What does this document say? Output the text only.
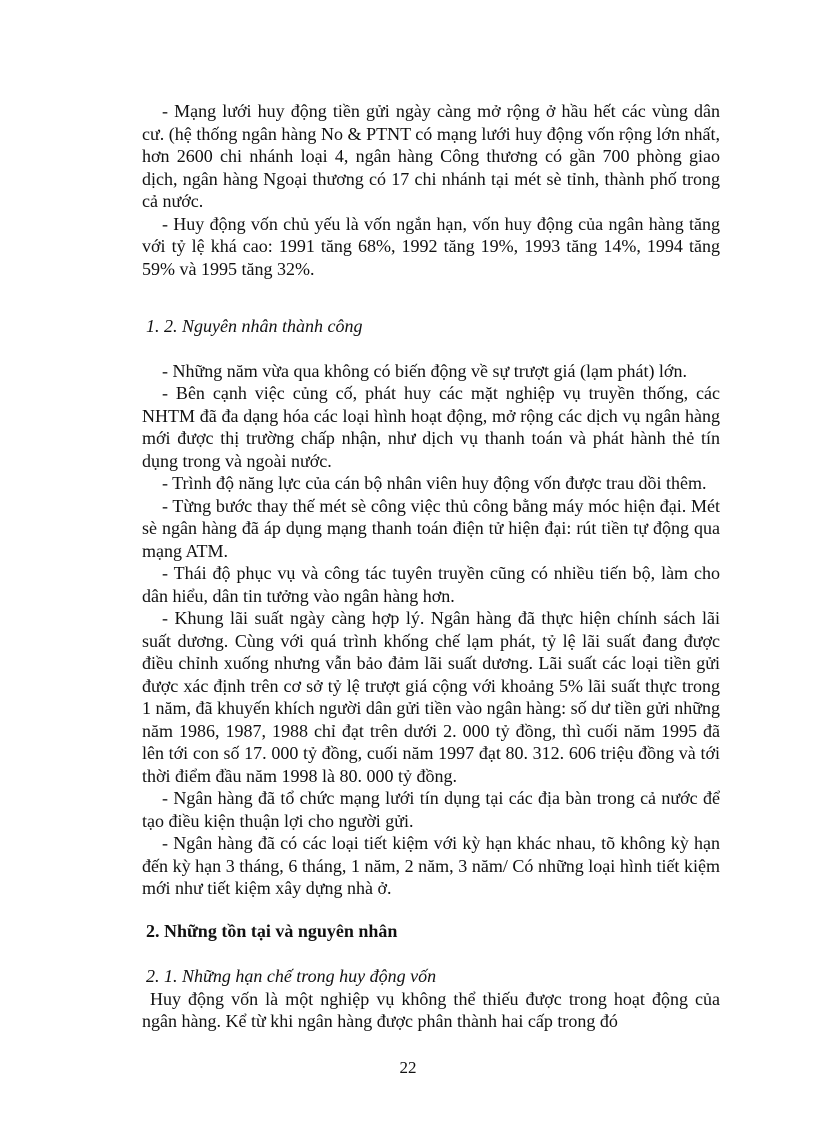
- Mạng lưới huy động tiền gửi ngày càng mở rộng ở hầu hết các vùng dân cư. (hệ thống ngân hàng No & PTNT có mạng lưới huy động vốn rộng lớn nhất, hơn 2600 chi nhánh loại 4, ngân hàng Công thương có gần 700 phòng giao dịch, ngân hàng Ngoại thương có 17 chi nhánh tại mét sè tỉnh, thành phố trong cả nước.

- Huy động vốn chủ yếu là vốn ngắn hạn, vốn huy động của ngân hàng tăng với tỷ lệ khá cao: 1991 tăng 68%, 1992 tăng 19%, 1993 tăng 14%, 1994 tăng 59% và 1995 tăng 32%.

1. 2. Nguyên nhân thành công

- Những năm vừa qua không có biến động về sự trượt giá (lạm phát) lớn.

- Bên cạnh việc củng cố, phát huy các mặt nghiệp vụ truyền thống, các NHTM đã đa dạng hóa các loại hình hoạt động, mở rộng các dịch vụ ngân hàng mới được thị trường chấp nhận, như dịch vụ thanh toán và phát hành thẻ tín dụng trong và ngoài nước.

- Trình độ năng lực của cán bộ nhân viên huy động vốn được trau dồi thêm.

- Từng bước thay thế mét sè công việc thủ công bằng máy móc hiện đại. Mét sè ngân hàng đã áp dụng mạng thanh toán điện tử hiện đại: rút tiền tự động qua mạng ATM.

- Thái độ phục vụ và công tác tuyên truyền cũng có nhiều tiến bộ, làm cho dân hiểu, dân tin tưởng vào ngân hàng hơn.

- Khung lãi suất ngày càng hợp lý. Ngân hàng đã thực hiện chính sách lãi suất dương. Cùng với quá trình khống chế lạm phát, tỷ lệ lãi suất đang được điều chỉnh xuống nhưng vẫn bảo đảm lãi suất dương. Lãi suất các loại tiền gửi được xác định trên cơ sở tỷ lệ trượt giá cộng với khoảng 5% lãi suất thực trong 1 năm, đã khuyến khích người dân gửi tiền vào ngân hàng: số dư tiền gửi những năm 1986, 1987, 1988 chỉ đạt trên dưới 2. 000 tỷ đồng, thì cuối năm 1995 đã lên tới con số 17. 000 tỷ đồng, cuối năm 1997 đạt 80. 312. 606 triệu đồng và tới thời điểm đầu năm 1998 là 80. 000 tỷ đồng.

- Ngân hàng đã tổ chức mạng lưới tín dụng tại các địa bàn trong cả nước để tạo điều kiện thuận lợi cho người gửi.

- Ngân hàng đã có các loại tiết kiệm với kỳ hạn khác nhau, tõ không kỳ hạn đến kỳ hạn 3 tháng, 6 tháng, 1 năm, 2 năm, 3 năm/ Có những loại hình tiết kiệm mới như tiết kiệm xây dựng nhà ở.

2. Những tồn tại và nguyên nhân

2. 1. Những hạn chế trong huy động vốn

Huy động vốn là một nghiệp vụ không thể thiếu được trong hoạt động của ngân hàng. Kể từ khi ngân hàng được phân thành hai cấp trong đó

22
